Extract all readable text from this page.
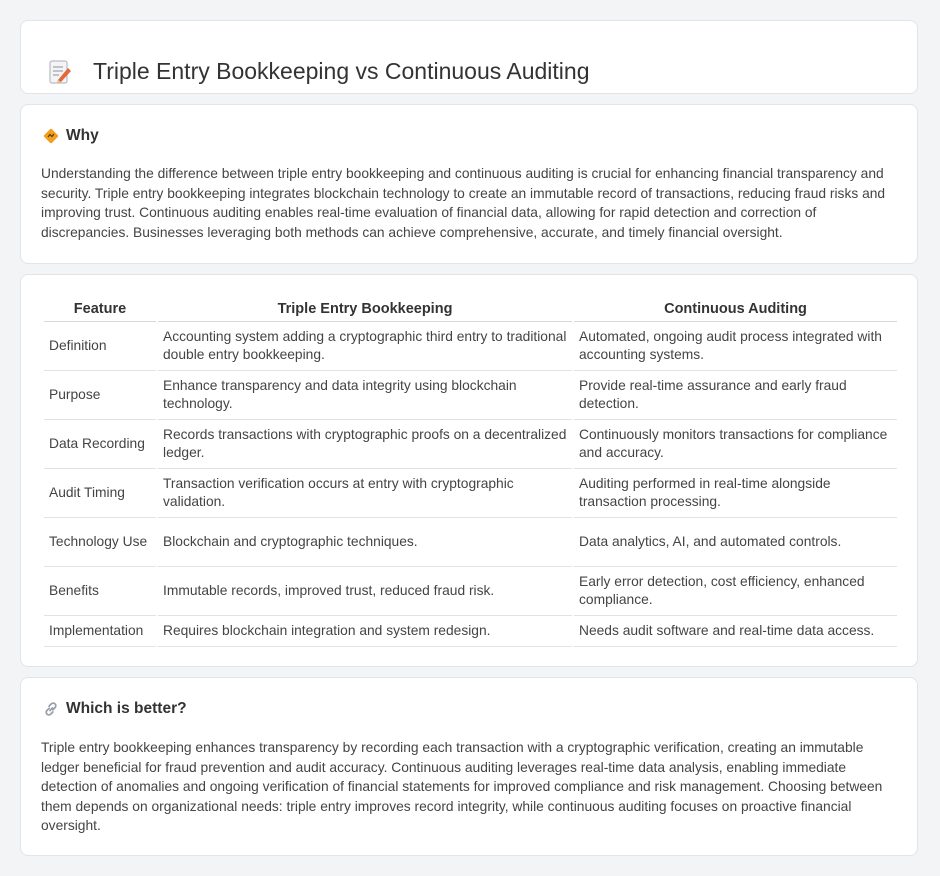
Triple Entry Bookkeeping vs Continuous Auditing
Why

Understanding the difference between triple entry bookkeeping and continuous auditing is crucial for enhancing financial transparency and security. Triple entry bookkeeping integrates blockchain technology to create an immutable record of transactions, reducing fraud risks and improving trust. Continuous auditing enables real-time evaluation of financial data, allowing for rapid detection and correction of discrepancies. Businesses leveraging both methods can achieve comprehensive, accurate, and timely financial oversight.

Feature	Triple Entry Bookkeeping	Continuous Auditing
Definition	Accounting system adding a cryptographic third entry to traditional double entry bookkeeping.	Automated, ongoing audit process integrated with accounting systems.
Purpose	Enhance transparency and data integrity using blockchain technology.	Provide real-time assurance and early fraud detection.
Data Recording	Records transactions with cryptographic proofs on a decentralized ledger.	Continuously monitors transactions for compliance and accuracy.
Audit Timing	Transaction verification occurs at entry with cryptographic validation.	Auditing performed in real-time alongside transaction processing.
Technology Use	Blockchain and cryptographic techniques.	Data analytics, AI, and automated controls.
Benefits	Immutable records, improved trust, reduced fraud risk.	Early error detection, cost efficiency, enhanced compliance.
Implementation	Requires blockchain integration and system redesign.	Needs audit software and real-time data access.
Which is better?

Triple entry bookkeeping enhances transparency by recording each transaction with a cryptographic verification, creating an immutable ledger beneficial for fraud prevention and audit accuracy. Continuous auditing leverages real-time data analysis, enabling immediate detection of anomalies and ongoing verification of financial statements for improved compliance and risk management. Choosing between them depends on organizational needs: triple entry improves record integrity, while continuous auditing focuses on proactive financial oversight.
